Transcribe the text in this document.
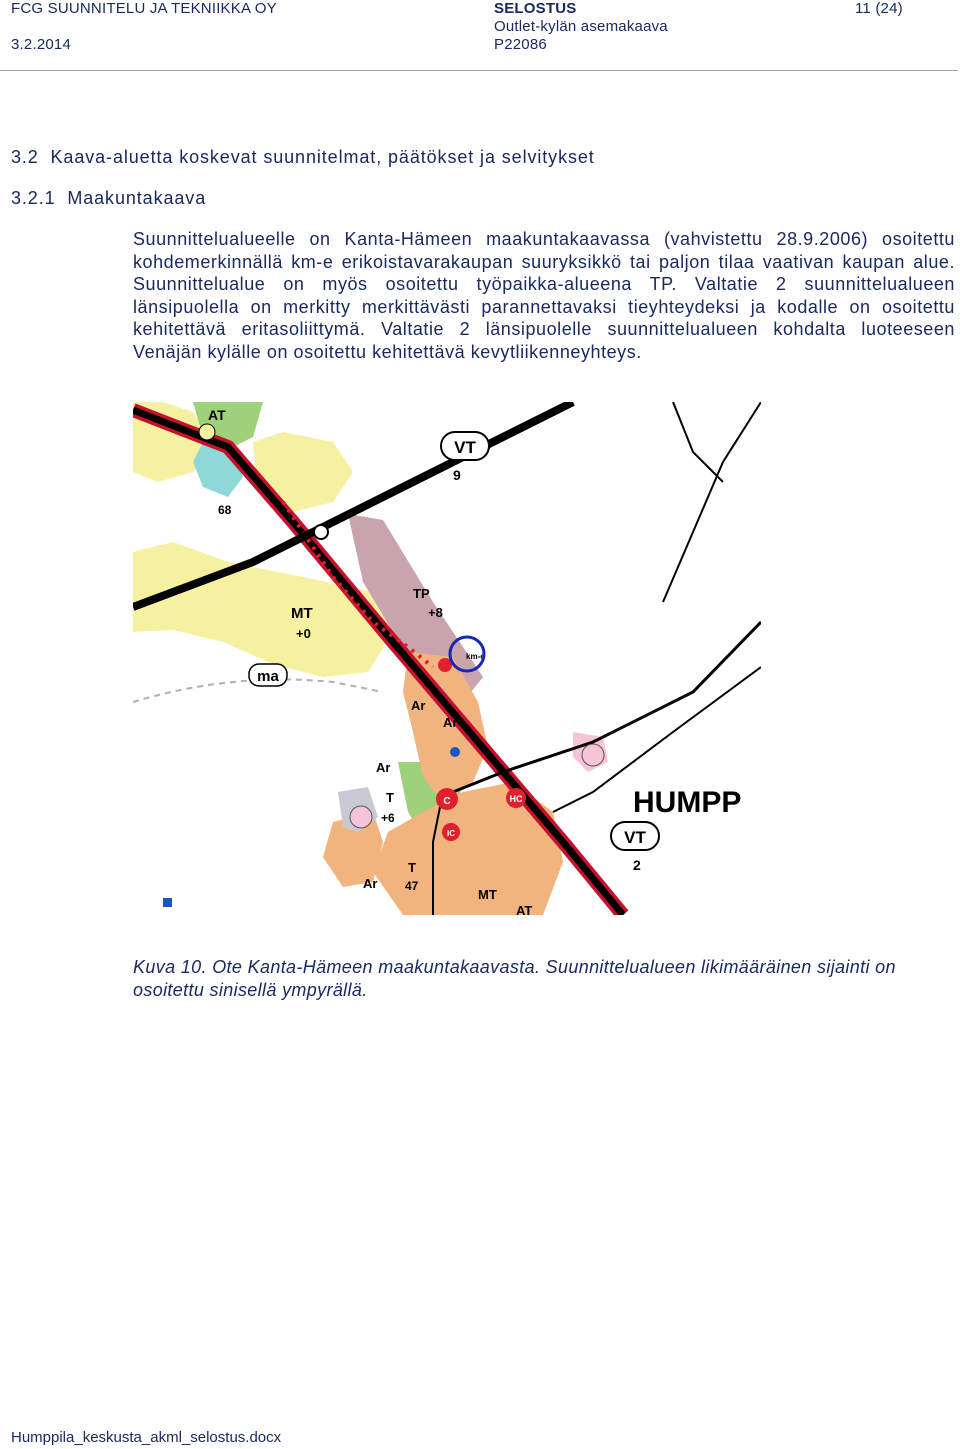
FCG SUUNNITELU JA TEKNIIKKA OY
3.2.2014
SELOSTUS
Outlet-kylän asemakaava
P22086
11 (24)
3.2  Kaava-aluetta koskevat suunnitelmat, päätökset ja selvitykset
3.2.1  Maakuntakaava
Suunnittelualueelle on Kanta-Hämeen maakuntakaavassa (vahvistettu 28.9.2006) osoitettu kohdemerkinnällä km-e erikoistavarakaupan suuryksikkö tai paljon tilaa vaativan kaupan alue. Suunnittelualue on myös osoitettu työpaikka-alueena TP. Valtatie 2 suunnittelualueen länsipuolella on merkitty merkittävästi parannettavaksi tieyhteydeksi ja kodalle on osoitettu kehitettävä eritasoliittymä. Valtatie 2 länsipuolelle suunnittelualueen kohdalta luoteeseen Venäjän kylälle on osoitettu kehitettävä kevytliikenneyhteys.
VT
9
VT
2
AT
68
TP
+8
MT
+0
ma
Ar
Ar
Ar
Ar
T
+6
T
47
MT
AT
HUMPP
C	HC
IC
km-e
Kuva 10. Ote Kanta-Hämeen maakuntakaavasta. Suunnittelualueen likimääräinen sijainti on osoitettu sinisellä ympyrällä.
Humppila_keskusta_akml_selostus.docx
